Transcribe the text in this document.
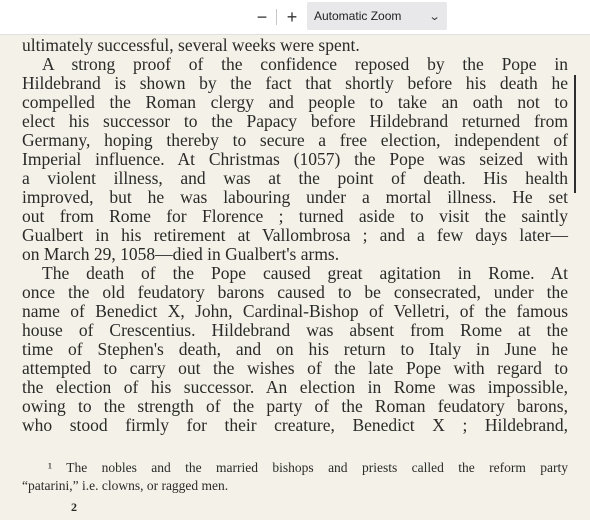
−	+	Automatic Zoom	⌄
ultimately successful, several weeks were spent.
A strong proof of the confidence reposed by the Pope in
Hildebrand is shown by the fact that shortly before his death he
compelled the Roman clergy and people to take an oath not to
elect his successor to the Papacy before Hildebrand returned from
Germany, hoping thereby to secure a free election, independent of
Imperial influence. At Christmas (1057) the Pope was seized with
a violent illness, and was at the point of death. His health
improved, but he was labouring under a mortal illness. He set
out from Rome for Florence ; turned aside to visit the saintly
Gualbert in his retirement at Vallombrosa ; and a few days later—
on March 29, 1058—died in Gualbert's arms.
The death of the Pope caused great agitation in Rome. At
once the old feudatory barons caused to be consecrated, under the
name of Benedict X, John, Cardinal-Bishop of Velletri, of the famous
house of Crescentius. Hildebrand was absent from Rome at the
time of Stephen's death, and on his return to Italy in June he
attempted to carry out the wishes of the late Pope with regard to
the election of his successor. An election in Rome was impossible,
owing to the strength of the party of the Roman feudatory barons,
who stood firmly for their creature, Benedict X ; Hildebrand,
¹ The nobles and the married bishops and priests called the reform party
“patarini,” i.e. clowns, or ragged men.
2
